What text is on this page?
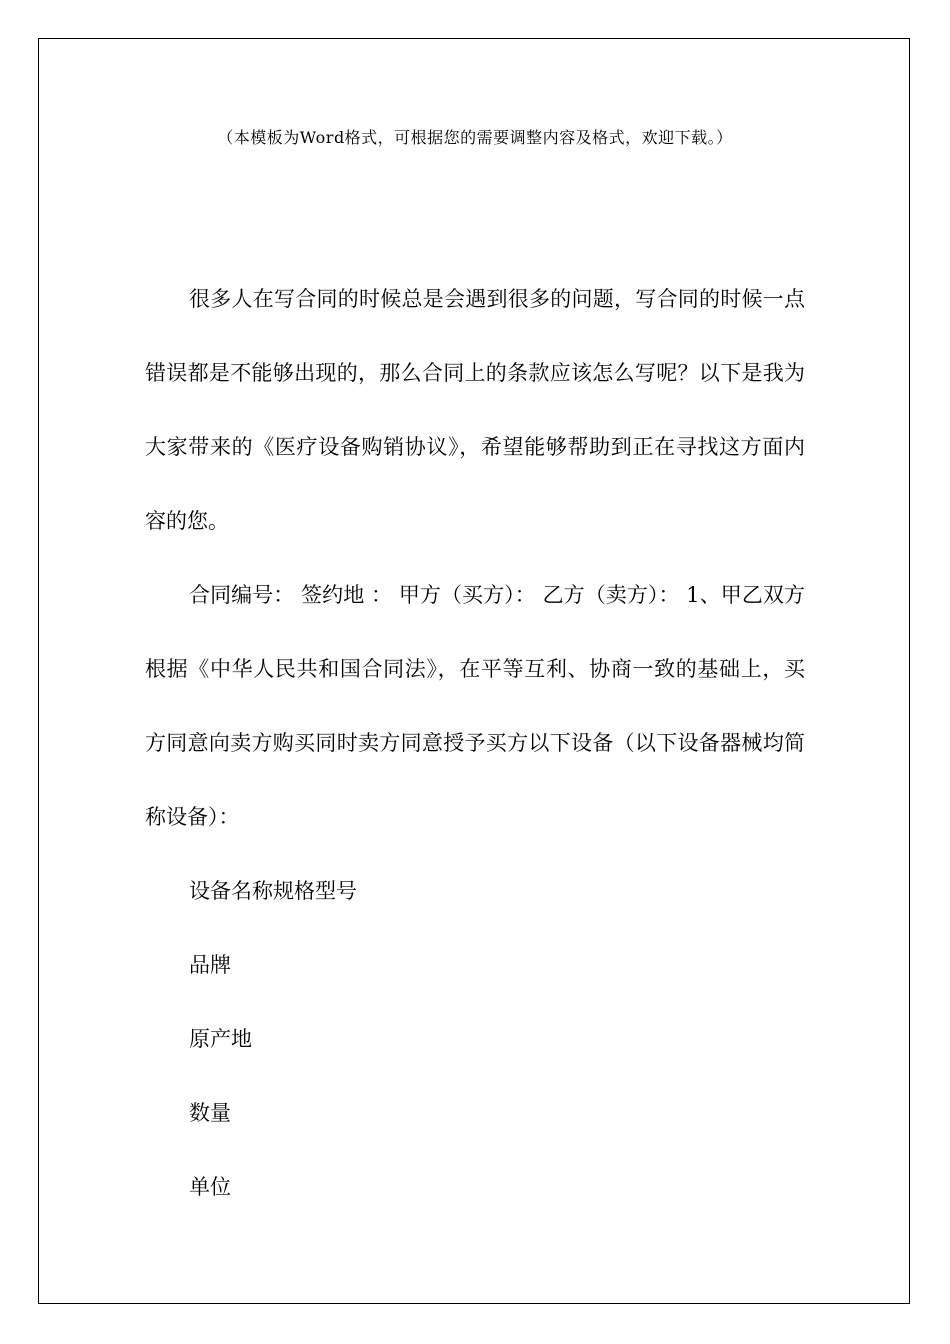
（本模板为Word格式，可根据您的需要调整内容及格式，欢迎下载。）

很多人在写合同的时候总是会遇到很多的问题，写合同的时候一点错误都是不能够出现的，那么合同上的条款应该怎么写呢？以下是我为大家带来的《医疗设备购销协议》，希望能够帮助到正在寻找这方面内容的您。

合同编号： 签约地 ： 甲方（买方）： 乙方（卖方）： 1、甲乙双方根据《中华人民共和国合同法》，在平等互利、协商一致的基础上，买方同意向卖方购买同时卖方同意授予买方以下设备（以下设备器械均简称设备）：

设备名称规格型号
品牌
原产地
数量
单位
